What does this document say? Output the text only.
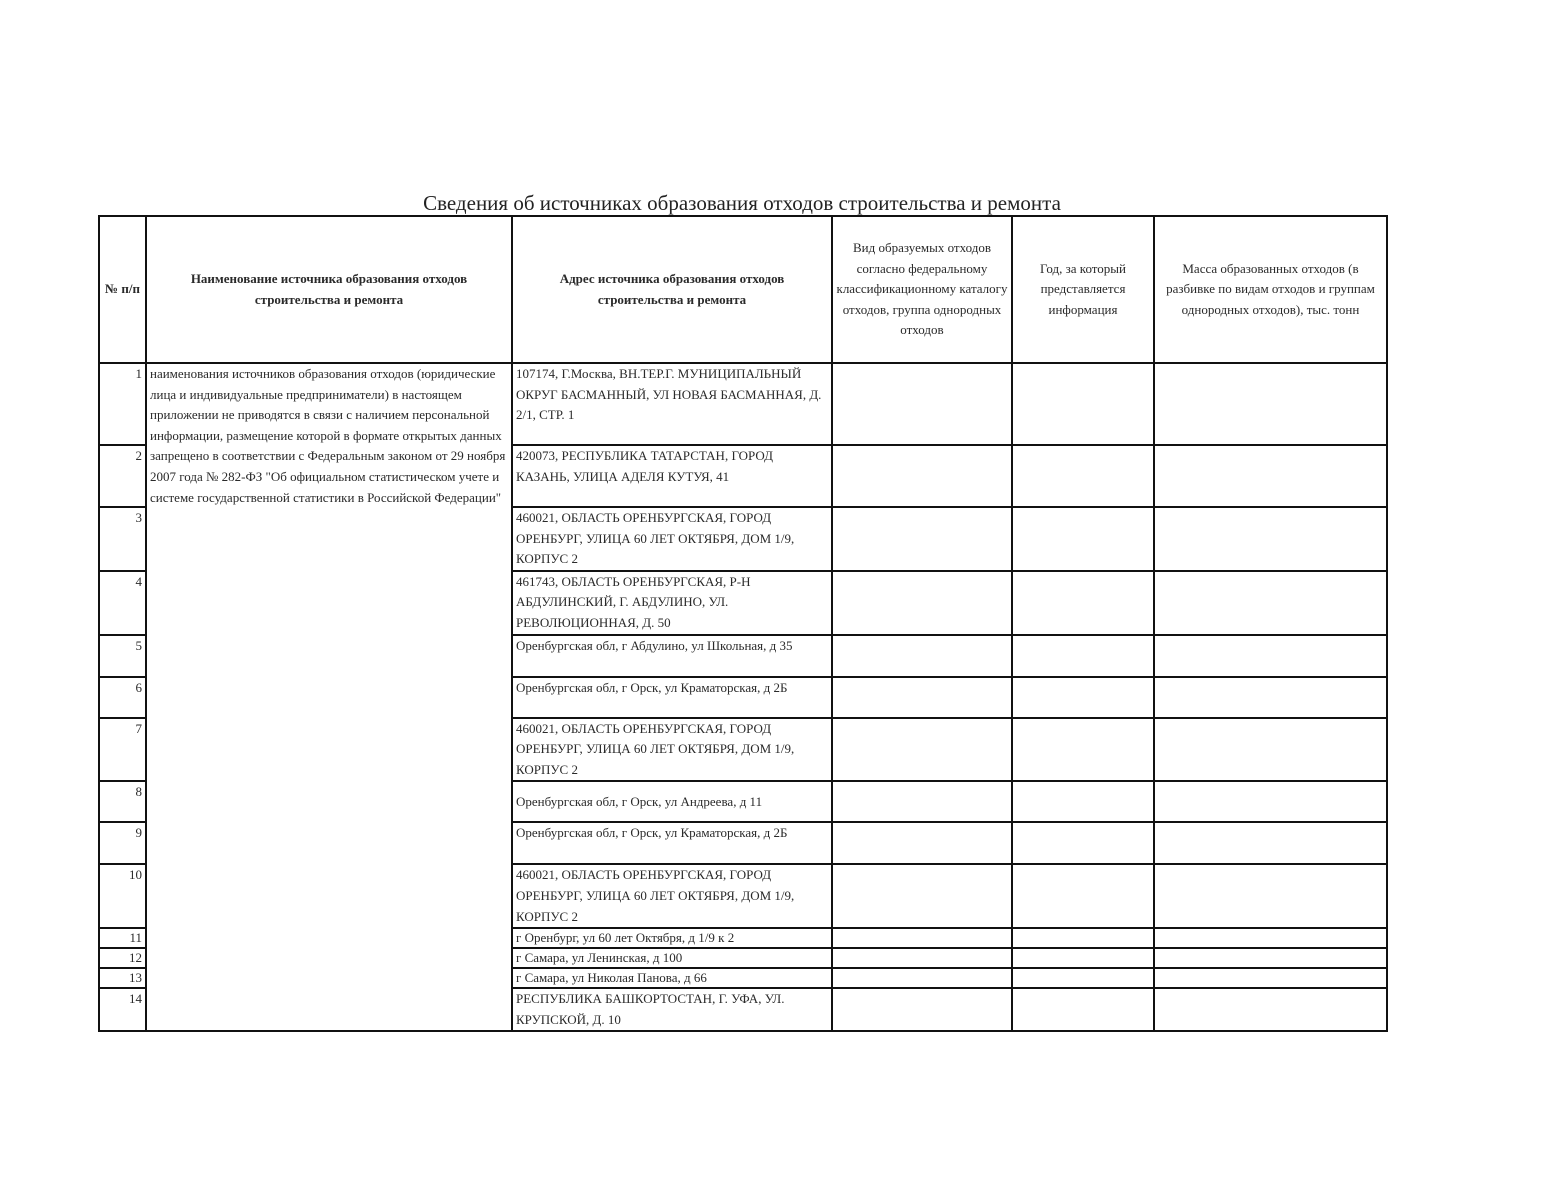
Сведения об источниках образования отходов строительства и ремонта
№ п/п	Наименование источника образования отходов строительства и ремонта	Адрес источника образования отходов строительства и ремонта	Вид образуемых отходов согласно федеральному классификационному каталогу отходов, группа однородных отходов	Год, за который представляется информация	Масса образованных отходов (в разбивке по видам отходов и группам однородных отходов), тыс. тонн
1	наименования источников образования отходов (юридические лица и индивидуальные предприниматели) в настоящем приложении не приводятся в связи с наличием персональной информации, размещение которой в формате открытых данных запрещено в соответствии с Федеральным законом от 29 ноября 2007 года № 282-ФЗ "Об официальном статистическом учете и системе государственной статистики в Российской Федерации"	107174, Г.Москва, ВН.ТЕР.Г. МУНИЦИПАЛЬНЫЙ ОКРУГ БАСМАННЫЙ, УЛ НОВАЯ БАСМАННАЯ, Д. 2/1, СТР. 1			
2		420073, РЕСПУБЛИКА ТАТАРСТАН, ГОРОД КАЗАНЬ, УЛИЦА АДЕЛЯ КУТУЯ, 41			
3		460021, ОБЛАСТЬ ОРЕНБУРГСКАЯ, ГОРОД ОРЕНБУРГ, УЛИЦА 60 ЛЕТ ОКТЯБРЯ, ДОМ 1/9, КОРПУС 2			
4		461743, ОБЛАСТЬ ОРЕНБУРГСКАЯ, Р-Н АБДУЛИНСКИЙ, Г. АБДУЛИНО, УЛ. РЕВОЛЮЦИОННАЯ, Д. 50			
5		Оренбургская обл, г Абдулино, ул Школьная, д 35			
6		Оренбургская обл, г Орск, ул Краматорская, д 2Б			
7		460021, ОБЛАСТЬ ОРЕНБУРГСКАЯ, ГОРОД ОРЕНБУРГ, УЛИЦА 60 ЛЕТ ОКТЯБРЯ, ДОМ 1/9, КОРПУС 2			
8		Оренбургская обл, г Орск, ул Андреева, д 11			
9		Оренбургская обл, г Орск, ул Краматорская, д 2Б			
10		460021, ОБЛАСТЬ ОРЕНБУРГСКАЯ, ГОРОД ОРЕНБУРГ, УЛИЦА 60 ЛЕТ ОКТЯБРЯ, ДОМ 1/9, КОРПУС 2			
11		г Оренбург, ул 60 лет Октября, д 1/9 к 2			
12		г Самара, ул Ленинская, д 100			
13		г Самара, ул Николая Панова, д 66			
14		РЕСПУБЛИКА БАШКОРТОСТАН, Г. УФА, УЛ. КРУПСКОЙ, Д. 10			
